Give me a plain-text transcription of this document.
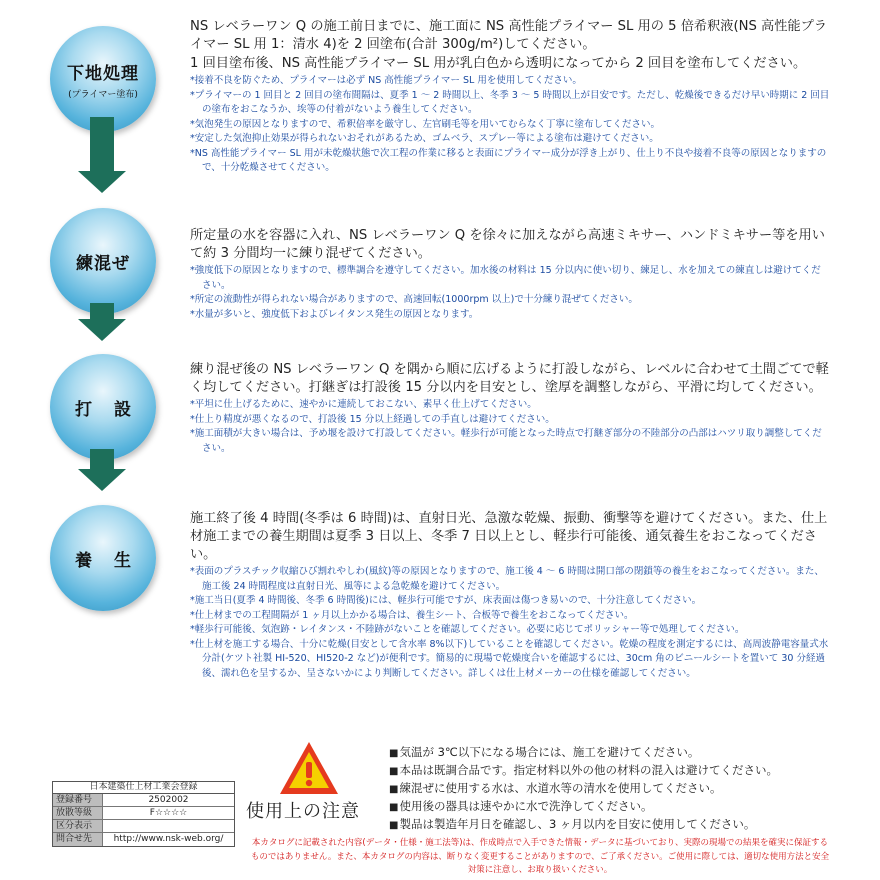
下地処理
(プライマー塗布)
練混ぜ
打設
養生

NS レベラーワン Q の施工前日までに、施工面に NS 高性能プライマー SL 用の 5 倍希釈液(NS 高性能プライマー SL 用 1：清水 4)を 2 回塗布(合計 300g/m²)してください。

1 回目塗布後、NS 高性能プライマー SL 用が乳白色から透明になってから 2 回目を塗布してください。

*接着不良を防ぐため、プライマーは必ず NS 高性能プライマー SL 用を使用してください。

*プライマーの 1 回目と 2 回目の塗布間隔は、夏季 1 〜 2 時間以上、冬季 3 〜 5 時間以上が目安です。ただし、乾燥後できるだけ早い時期に 2 回目の塗布をおこなうか、埃等の付着がないよう養生してください。

*気泡発生の原因となりますので、希釈倍率を厳守し、左官刷毛等を用いてむらなく丁寧に塗布してください。

*安定した気泡抑止効果が得られないおそれがあるため、ゴムベラ、スプレー等による塗布は避けてください。

*NS 高性能プライマー SL 用が未乾燥状態で次工程の作業に移ると表面にプライマー成分が浮き上がり、仕上り不良や接着不良等の原因となりますので、十分乾燥させてください。

所定量の水を容器に入れ、NS レベラーワン Q を徐々に加えながら高速ミキサー、ハンドミキサー等を用いて約 3 分間均一に練り混ぜてください。

*強度低下の原因となりますので、標準調合を遵守してください。加水後の材料は 15 分以内に使い切り、練足し、水を加えての練直しは避けてください。

*所定の流動性が得られない場合がありますので、高速回転(1000rpm 以上)で十分練り混ぜてください。

*水量が多いと、強度低下およびレイタンス発生の原因となります。

練り混ぜ後の NS レベラーワン Q を隅から順に広げるように打設しながら、レベルに合わせて土間ごてで軽く均してください。打継ぎは打設後 15 分以内を目安とし、塗厚を調整しながら、平滑に均してください。

*平坦に仕上げるために、速やかに連続しておこない、素早く仕上げてください。

*仕上り精度が悪くなるので、打設後 15 分以上経過しての手直しは避けてください。

*施工面積が大きい場合は、予め堰を設けて打設してください。軽歩行が可能となった時点で打継ぎ部分の不陸部分の凸部はハツリ取り調整してください。

施工終了後 4 時間(冬季は 6 時間)は、直射日光、急激な乾燥、振動、衝撃等を避けてください。また、仕上材施工までの養生期間は夏季 3 日以上、冬季 7 日以上とし、軽歩行可能後、通気養生をおこなってください。

*表面のプラスチック収縮ひび割れやしわ(風紋)等の原因となりますので、施工後 4 〜 6 時間は開口部の閉鎖等の養生をおこなってください。また、施工後 24 時間程度は直射日光、風等による急乾燥を避けてください。

*施工当日(夏季 4 時間後、冬季 6 時間後)には、軽歩行可能ですが、床表面は傷つき易いので、十分注意してください。

*仕上材までの工程間隔が 1 ヶ月以上かかる場合は、養生シート、合板等で養生をおこなってください。

*軽歩行可能後、気泡跡・レイタンス・不陸跡がないことを確認してください。必要に応じてポリッシャー等で処理してください。

*仕上材を施工する場合、十分に乾燥(目安として含水率 8%以下)していることを確認してください。乾燥の程度を測定するには、高周波静電容量式水分計(ケツト社製 HI-520、HI520-2 など)が便利です。簡易的に現場で乾燥度合いを確認するには、30cm 角のビニールシートを置いて 30 分経過後、濡れ色を呈するか、呈さないかにより判断してください。詳しくは仕上材メーカーの仕様を確認してください。

日本建築仕上材工業会登録
登録番号	2502002
放散等級	F☆☆☆☆
区分表示
問合せ先	http://www.nsk-web.org/
使用上の注意
■ 気温が 3℃以下になる場合には、施工を避けてください。
■ 本品は既調合品です。指定材料以外の他の材料の混入は避けてください。
■ 練混ぜに使用する水は、水道水等の清水を使用してください。
■ 使用後の器具は速やかに水で洗浄してください。
■ 製品は製造年月日を確認し、3 ヶ月以内を目安に使用してください。
本カタログに記載された内容(データ・仕様・施工法等)は、作成時点で入手できた情報・データに基づいており、実際の現場での結果を確実に保証するものではありません。また、本カタログの内容は、断りなく変更することがありますので、ご了承ください。ご使用に際しては、適切な使用方法と安全対策に注意し、お取り扱いください。
